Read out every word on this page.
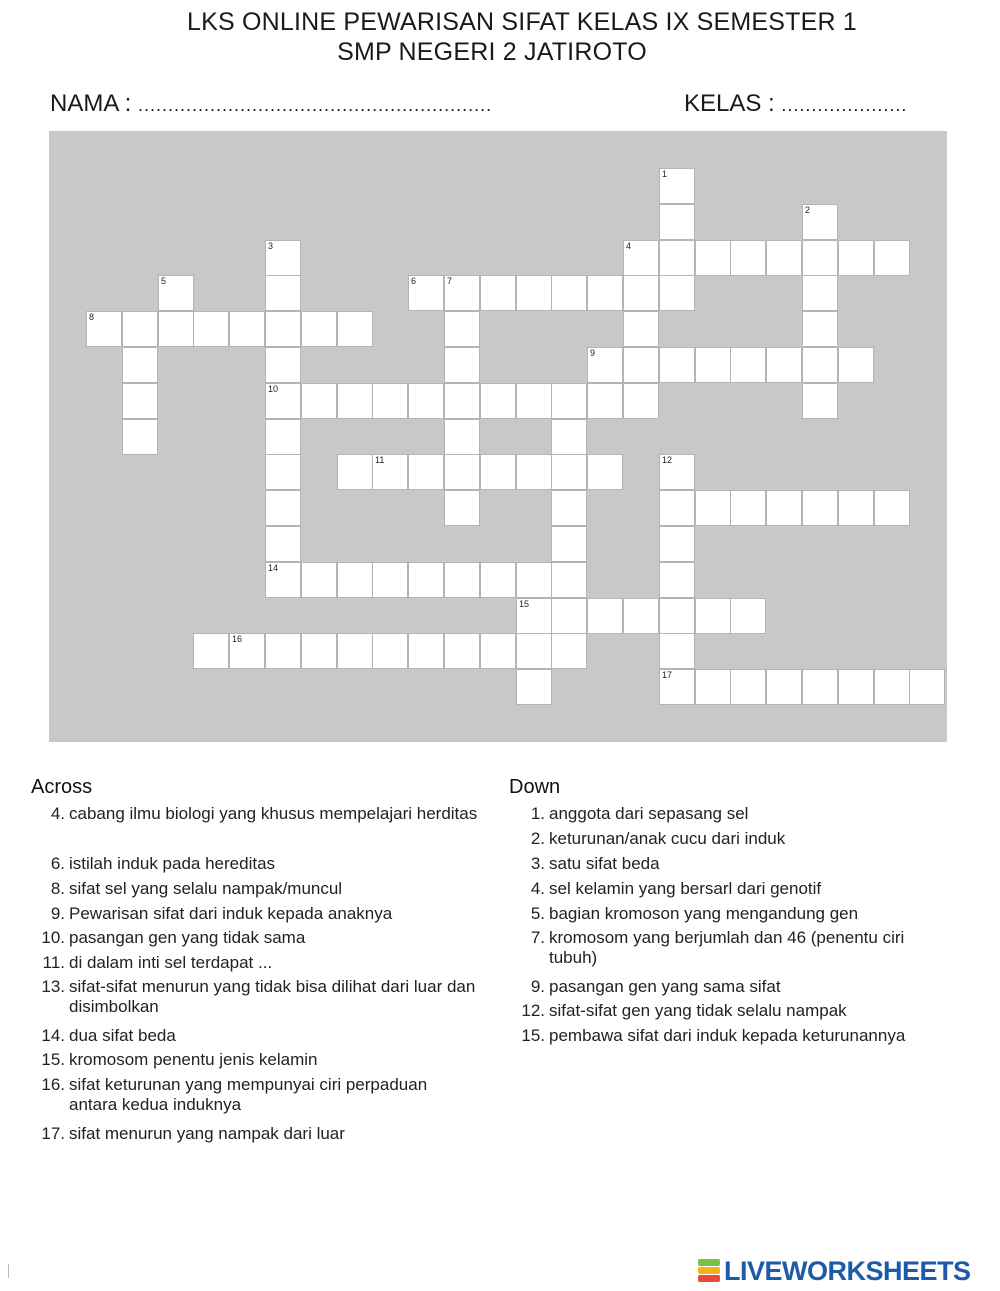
LKS ONLINE PEWARISAN SIFAT KELAS IX SEMESTER 1
SMP NEGERI 2 JATIROTO
NAMA : ...........................................................	KELAS : .....................
1
2
3	4
5	6	7
8
9
10
11	12
14
15
16
17
Across	Down
4. cabang ilmu biologi yang khusus mempelajari herditas
6. istilah induk pada hereditas
8. sifat sel yang selalu nampak/muncul
9. Pewarisan sifat dari induk kepada anaknya
10. pasangan gen yang tidak sama
11. di dalam inti sel terdapat ...
13. sifat-sifat menurun yang tidak bisa dilihat dari luar dan disimbolkan
14. dua sifat beda
15. kromosom penentu jenis kelamin
16. sifat keturunan yang mempunyai ciri perpaduan antara kedua induknya
17. sifat menurun yang nampak dari luar
1. anggota dari sepasang sel
2. keturunan/anak cucu dari induk
3. satu sifat beda
4. sel kelamin yang bersarl dari genotif
5. bagian kromoson yang mengandung gen
7. kromosom yang berjumlah dan 46 (penentu ciri tubuh)
9. pasangan gen yang sama sifat
12. sifat-sifat gen yang tidak selalu nampak
15. pembawa sifat dari induk kepada keturunannya
LIVEWORKSHEETS
